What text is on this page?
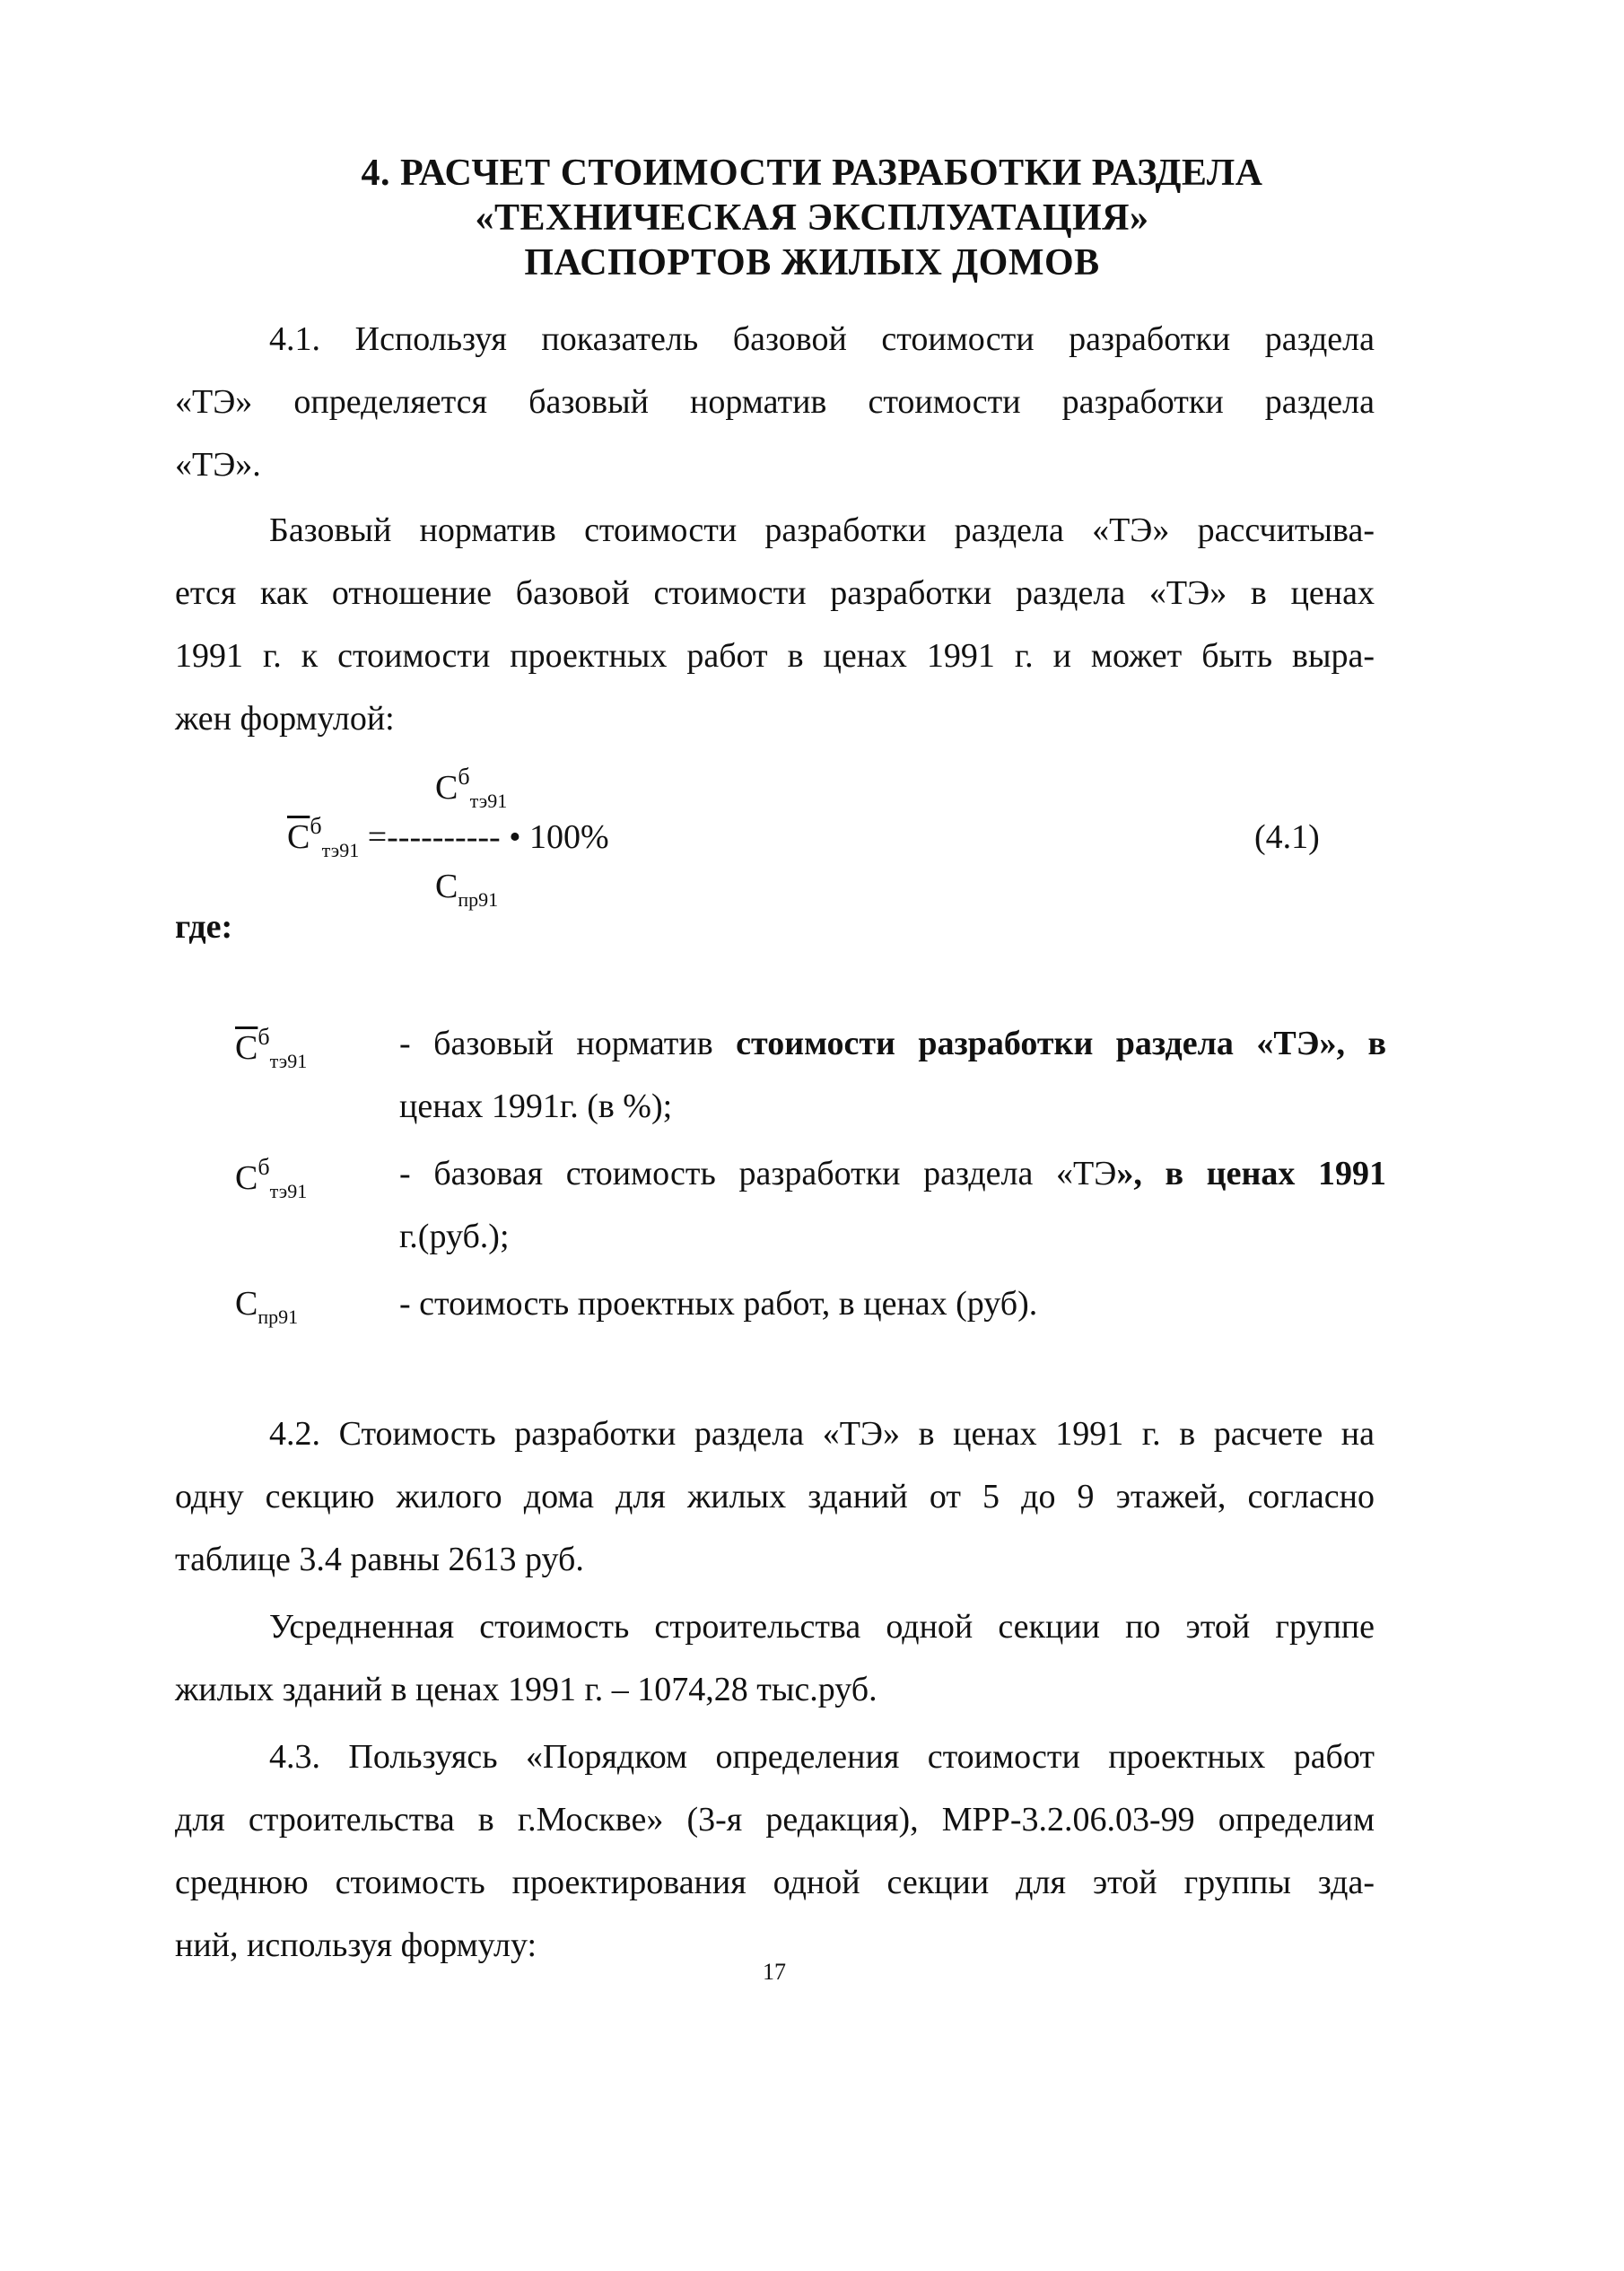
4. РАСЧЕТ СТОИМОСТИ РАЗРАБОТКИ РАЗДЕЛА
«ТЕХНИЧЕСКАЯ ЭКСПЛУАТАЦИЯ»
ПАСПОРТОВ ЖИЛЫХ ДОМОВ
4.1. Используя показатель базовой стоимости разработки раздела
«ТЭ» определяется базовый норматив стоимости разработки раздела
«ТЭ».
Базовый норматив стоимости разработки раздела «ТЭ» рассчитыва-
ется как отношение базовой стоимости разработки раздела «ТЭ» в ценах
1991 г. к стоимости проектных работ в ценах 1991 г. и может быть выра-
жен формулой:
$C^б_{тэ91}$
$\overline{C}^б_{тэ91}$ =---------- • 100%	(4.1)
$C_{пр91}$
где:
$\overline{C}^б_{тэ91}$	- базовый норматив стоимости разработки раздела «ТЭ», в
ценах 1991г. (в %);
$C^б_{тэ91}$	- базовая стоимость разработки раздела «ТЭ», в ценах 1991
г.(руб.);
$C_{пр91}$	- стоимость проектных работ, в ценах (руб).
4.2. Стоимость разработки раздела «ТЭ» в ценах 1991 г. в расчете на
одну секцию жилого дома для жилых зданий от 5 до 9 этажей, согласно
таблице 3.4 равны 2613 руб.
Усредненная стоимость строительства одной секции по этой группе
жилых зданий в ценах 1991 г. – 1074,28 тыс.руб.
4.3. Пользуясь «Порядком определения стоимости проектных работ
для строительства в г.Москве» (3-я редакция), МРР-3.2.06.03-99 определим
среднюю стоимость проектирования одной секции для этой группы зда-
ний, используя формулу:
17
